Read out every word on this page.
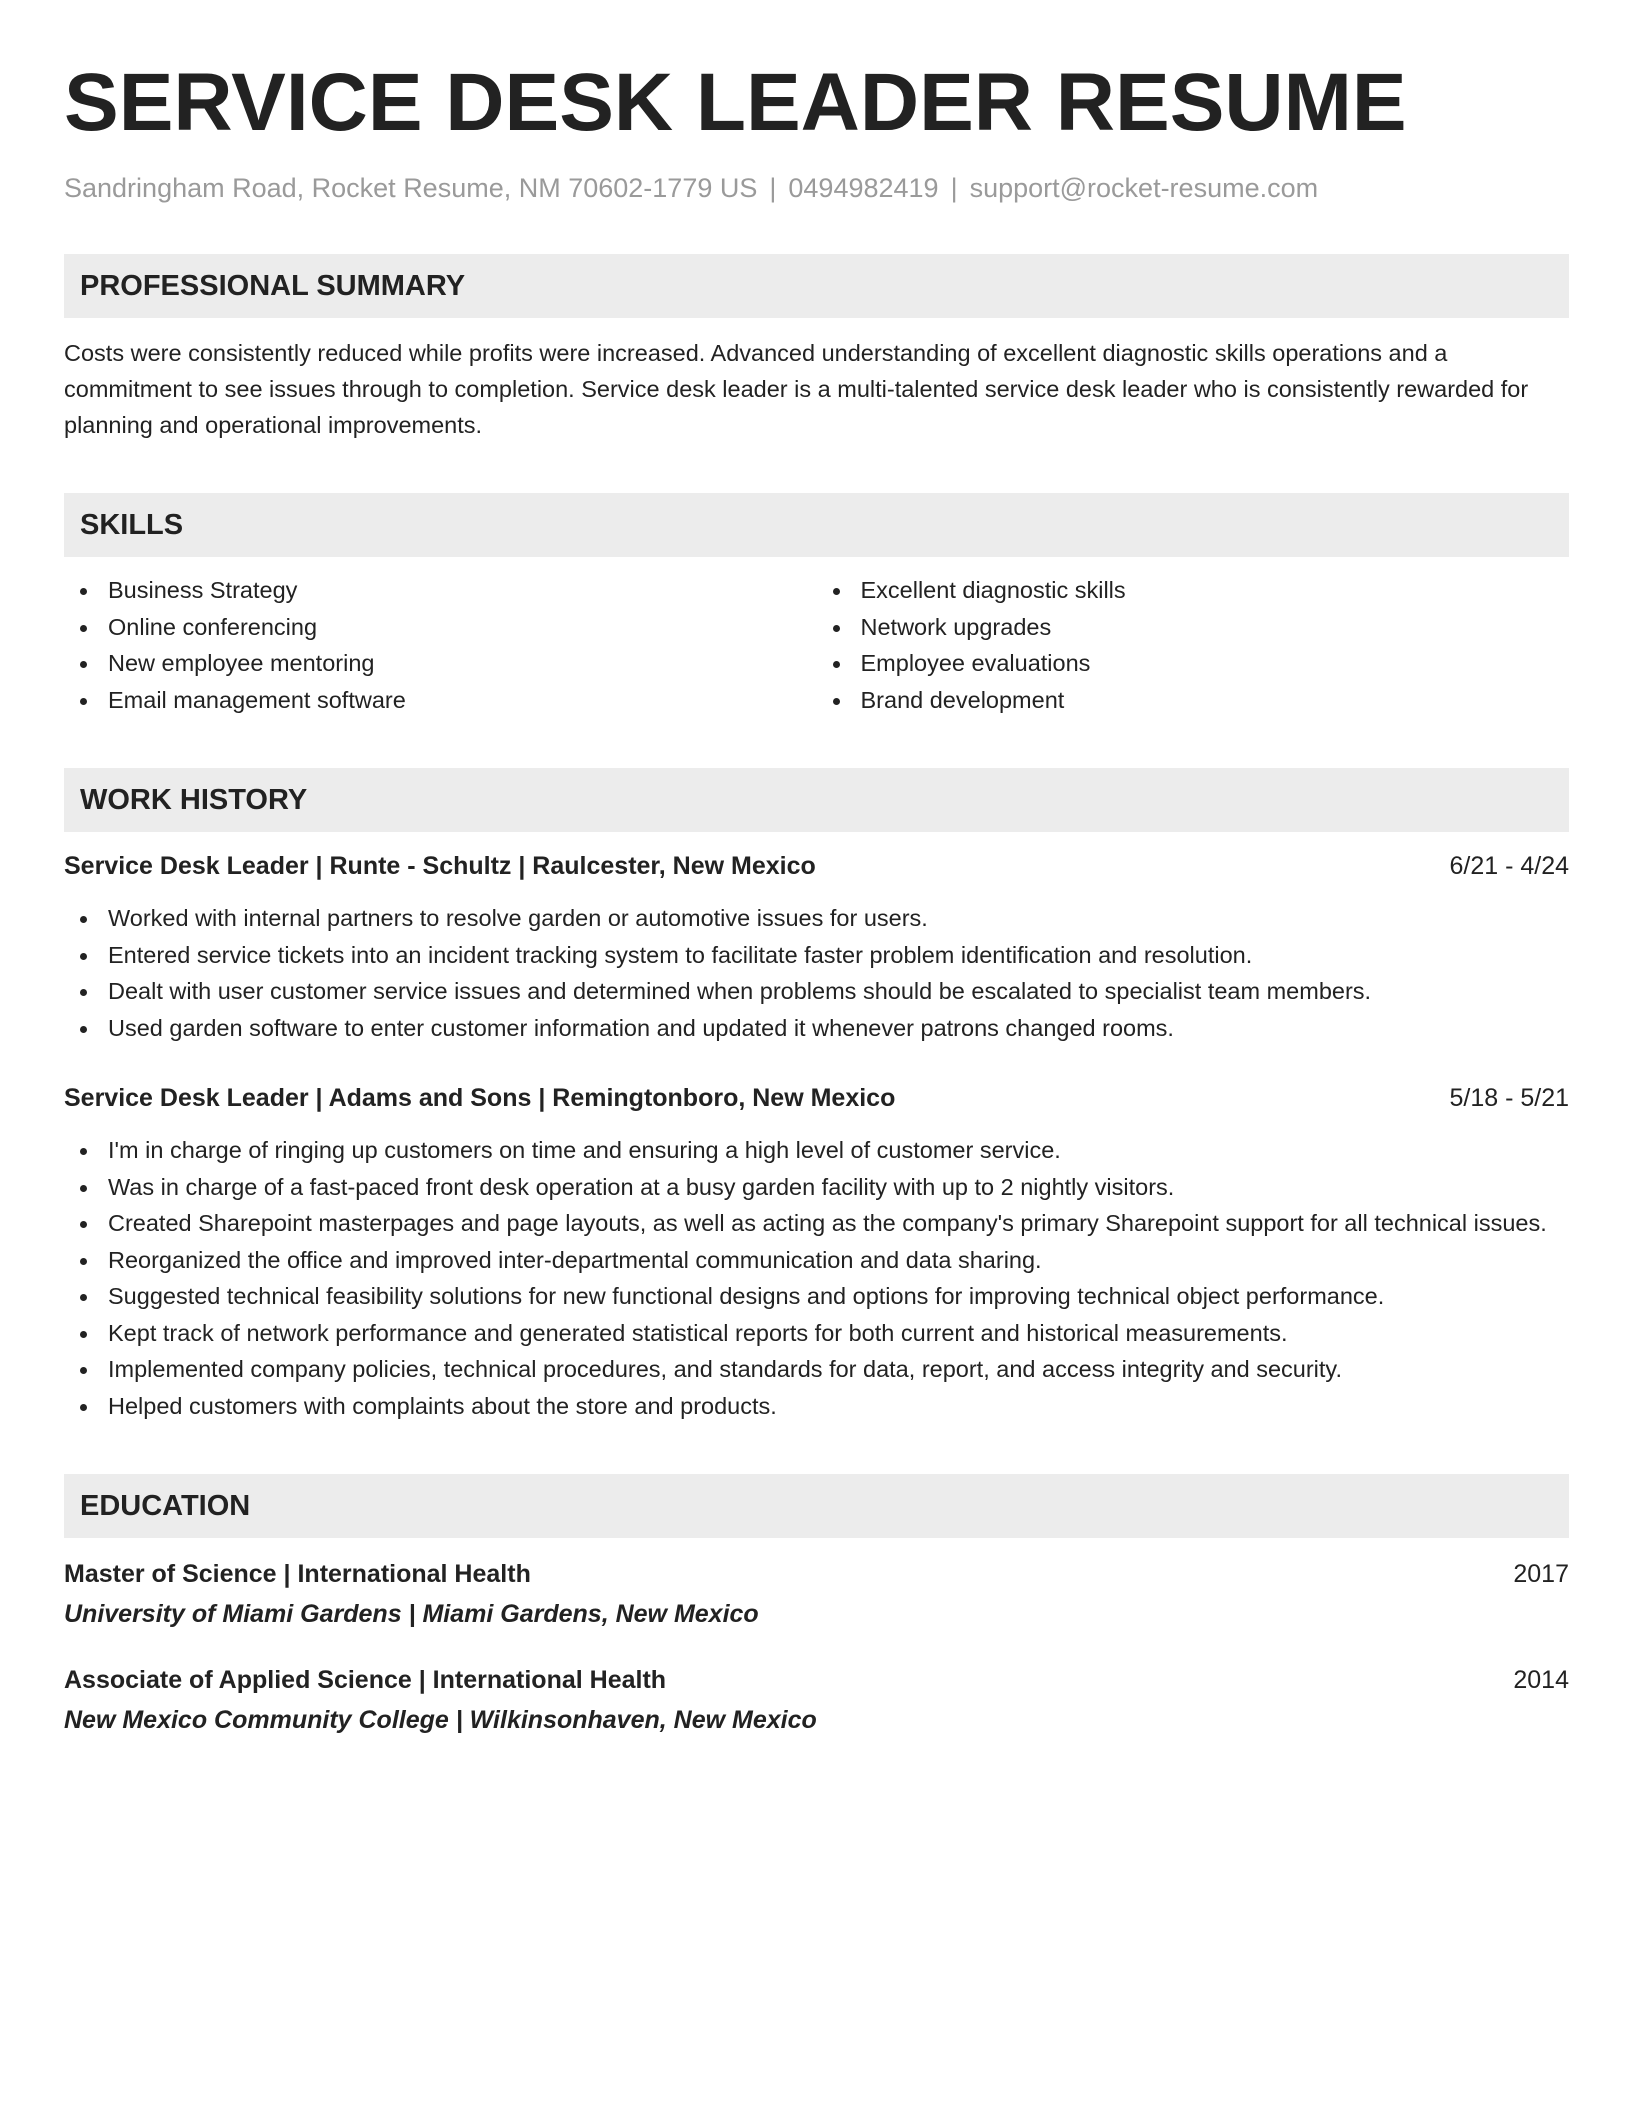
SERVICE DESK LEADER RESUME
Sandringham Road, Rocket Resume, NM 70602-1779 US | 0494982419 | support@rocket-resume.com
PROFESSIONAL SUMMARY
Costs were consistently reduced while profits were increased. Advanced understanding of excellent diagnostic skills operations and a commitment to see issues through to completion. Service desk leader is a multi-talented service desk leader who is consistently rewarded for planning and operational improvements.
SKILLS
Business Strategy
Online conferencing
New employee mentoring
Email management software
Excellent diagnostic skills
Network upgrades
Employee evaluations
Brand development
WORK HISTORY
Service Desk Leader | Runte - Schultz | Raulcester, New Mexico	6/21 - 4/24
Worked with internal partners to resolve garden or automotive issues for users.
Entered service tickets into an incident tracking system to facilitate faster problem identification and resolution.
Dealt with user customer service issues and determined when problems should be escalated to specialist team members.
Used garden software to enter customer information and updated it whenever patrons changed rooms.
Service Desk Leader | Adams and Sons | Remingtonboro, New Mexico	5/18 - 5/21
I'm in charge of ringing up customers on time and ensuring a high level of customer service.
Was in charge of a fast-paced front desk operation at a busy garden facility with up to 2 nightly visitors.
Created Sharepoint masterpages and page layouts, as well as acting as the company's primary Sharepoint support for all technical issues.
Reorganized the office and improved inter-departmental communication and data sharing.
Suggested technical feasibility solutions for new functional designs and options for improving technical object performance.
Kept track of network performance and generated statistical reports for both current and historical measurements.
Implemented company policies, technical procedures, and standards for data, report, and access integrity and security.
Helped customers with complaints about the store and products.
EDUCATION
Master of Science | International Health	2017
University of Miami Gardens | Miami Gardens, New Mexico
Associate of Applied Science | International Health	2014
New Mexico Community College | Wilkinsonhaven, New Mexico
